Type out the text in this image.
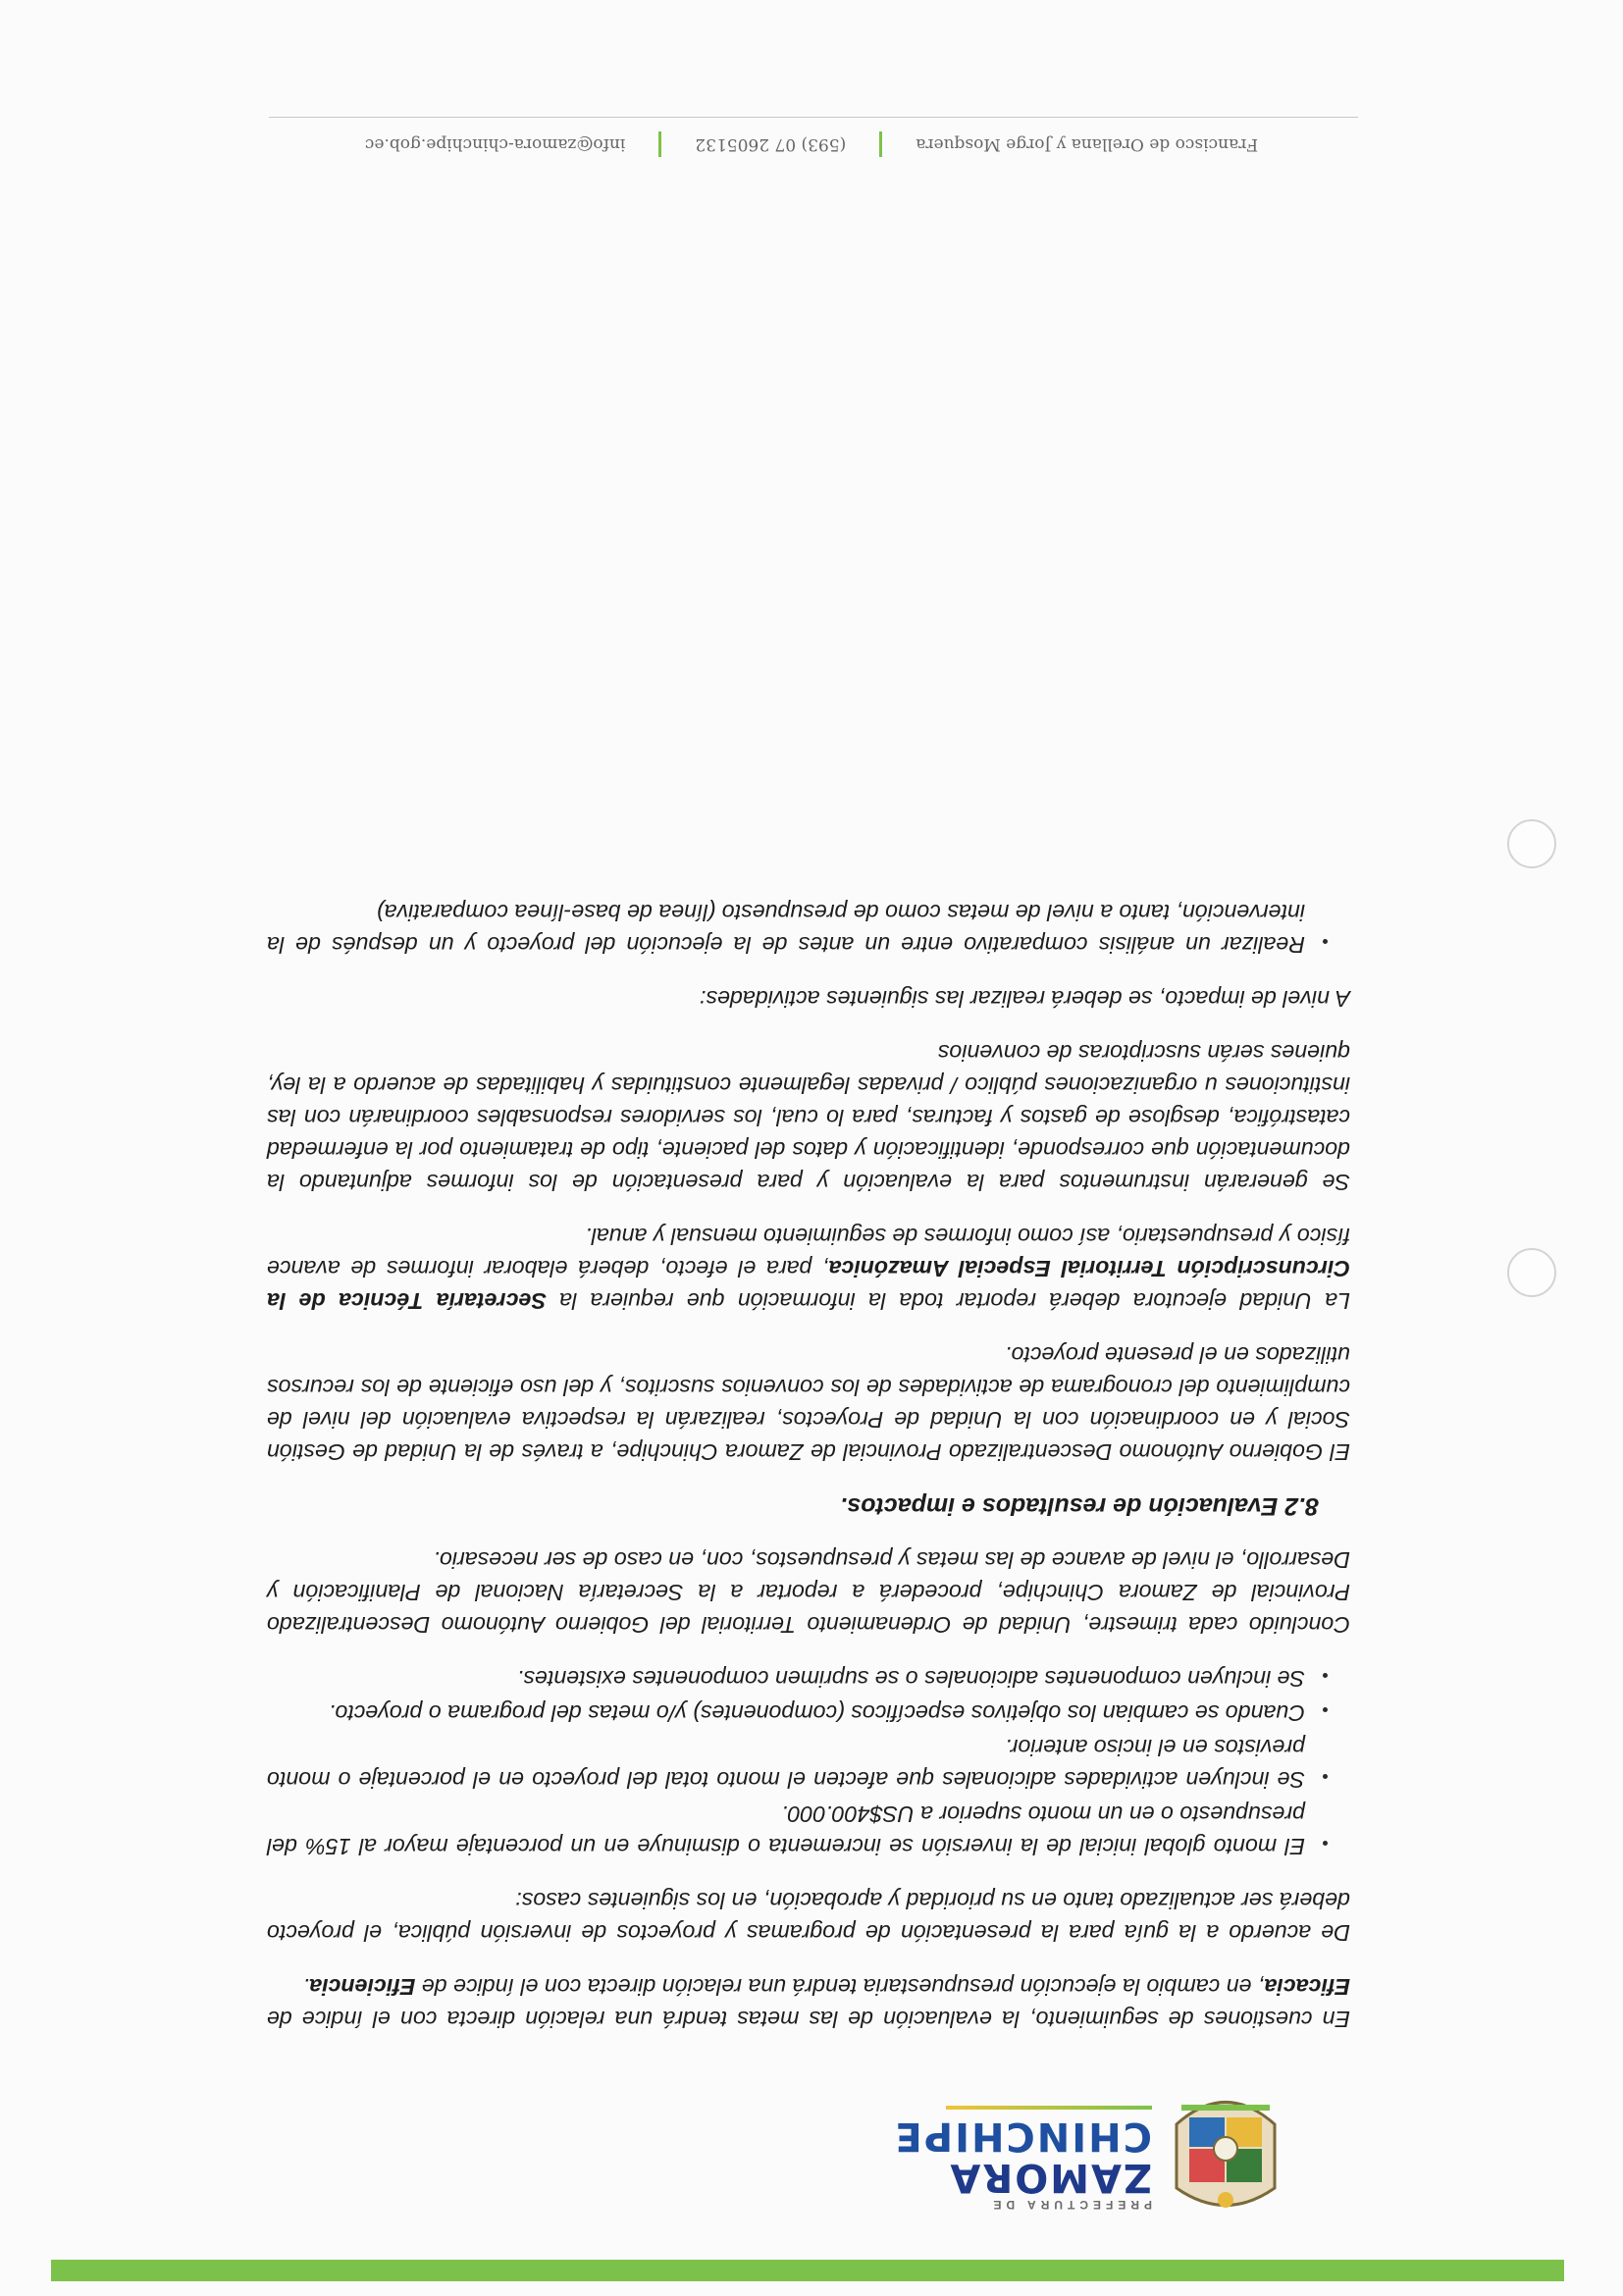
PREFECTURA DE
ZAMORA
CHINCHIPE

En cuestiones de seguimiento, la evaluación de las metas tendrá una relación directa con el índice de Eficacia, en cambio la ejecución presupuestaria tendrá una relación directa con el índice de Eficiencia.

De acuerdo a la guía para la presentación de programas y proyectos de inversión pública, el proyecto deberá ser actualizado tanto en su prioridad y aprobación, en los siguientes casos:

• El monto global inicial de la inversión se incrementa o disminuye en un porcentaje mayor al 15% del presupuesto o en un monto superior a US$400.000.
• Se incluyen actividades adicionales que afecten el monto total del proyecto en el porcentaje o monto previstos en el inciso anterior.
• Cuando se cambian los objetivos específicos (componentes) y/o metas del programa o proyecto.
• Se incluyen componentes adicionales o se suprimen componentes existentes.

Concluido cada trimestre, Unidad de Ordenamiento Territorial del Gobierno Autónomo Descentralizado Provincial de Zamora Chinchipe, procederá a reportar a la Secretaría Nacional de Planificación y Desarrollo, el nivel de avance de las metas y presupuestos, con, en caso de ser necesario.

8.2 Evaluación de resultados e impactos.

El Gobierno Autónomo Descentralizado Provincial de Zamora Chinchipe, a través de la Unidad de Gestión Social y en coordinación con la Unidad de Proyectos, realizarán la respectiva evaluación del nivel de cumplimiento del cronograma de actividades de los convenios suscritos, y del uso eficiente de los recursos utilizados en el presente proyecto.

La Unidad ejecutora deberá reportar toda la información que requiera la Secretaría Técnica de la Circunscripción Territorial Especial Amazónica, para el efecto, deberá elaborar informes de avance físico y presupuestario, así como informes de seguimiento mensual y anual.

Se generarán instrumentos para la evaluación y para presentación de los informes adjuntando la documentación que corresponde, identificación y datos del paciente, tipo de tratamiento por la enfermedad catastrófica, desglose de gastos y facturas, para lo cual, los servidores responsables coordinarán con las instituciones u organizaciones público / privadas legalmente constituidas y habilitadas de acuerdo a la ley, quienes serán suscriptoras de convenios

A nivel de impacto, se deberá realizar las siguientes actividades:

• Realizar un análisis comparativo entre un antes de la ejecución del proyecto y un después de la intervención, tanto a nivel de metas como de presupuesto (línea de base-línea comparativa)
Francisco de Orellana y Jorge Mosquera(593) 07 2605132info@zamora-chinchipe.gob.ec
